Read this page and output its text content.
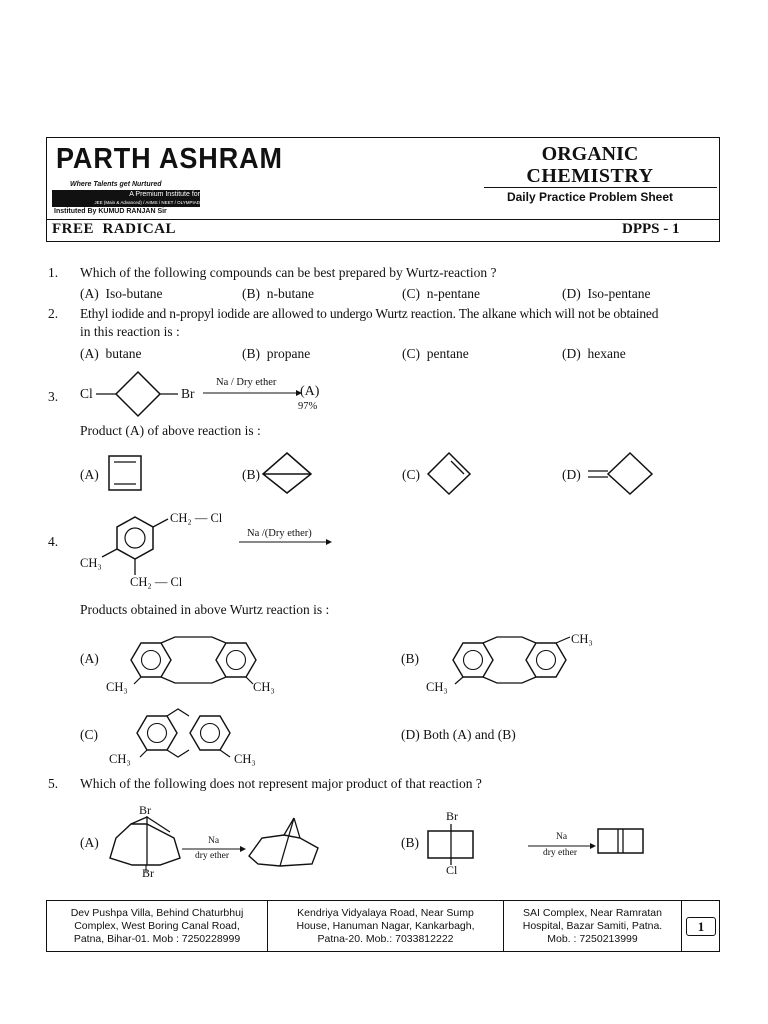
PARTH ASHRAM
Where Talents get Nurtured
A Premium Institute for
JEE (Main & Advanced) / AIIMS / NEET / OLYMPIAD
Instituted By KUMUD RANJAN Sir
ORGANIC
CHEMISTRY
Daily Practice Problem Sheet
FREE  RADICAL	DPPS - 1
1. Which of the following compounds can be best prepared by Wurtz-reaction ?
(A)  Iso-butane	(B)  n-butane	(C)  n-pentane	(D)  Iso-pentane
2. Ethyl iodide and n-propyl iodide are allowed to undergo Wurtz reaction. The alkane which will not be obtained
in this reaction is :
(A)  butane	(B)  propane	(C)  pentane	(D)  hexane
3. Cl	Br
Na / Dry ether
(A)
97%
Product (A) of above reaction is :
(A)	(B)	(C)	(D)
4.
CH₂ — Cl
CH₃
CH₂ — Cl
Na /(Dry ether)
Products obtained in above Wurtz reaction is :
(A)	(B)
(C)	(D) Both (A) and (B)
CH₃	CH₃	CH₃
CH₃
CH₃	CH₃
5. Which of the following does not represent major product of that reaction ?
(A)	(B)
Br
Br
Na
dry ether
Br
Cl
Na
dry ether
Dev Pushpa Villa, Behind Chaturbhuj
Complex, West Boring Canal Road,
Patna, Bihar-01. Mob : 7250228999
Kendriya Vidyalaya Road, Near Sump
House, Hanuman Nagar, Kankarbagh,
Patna-20. Mob.: 7033812222
SAI Complex, Near Ramratan
Hospital, Bazar Samiti, Patna.
Mob. : 7250213999
1
